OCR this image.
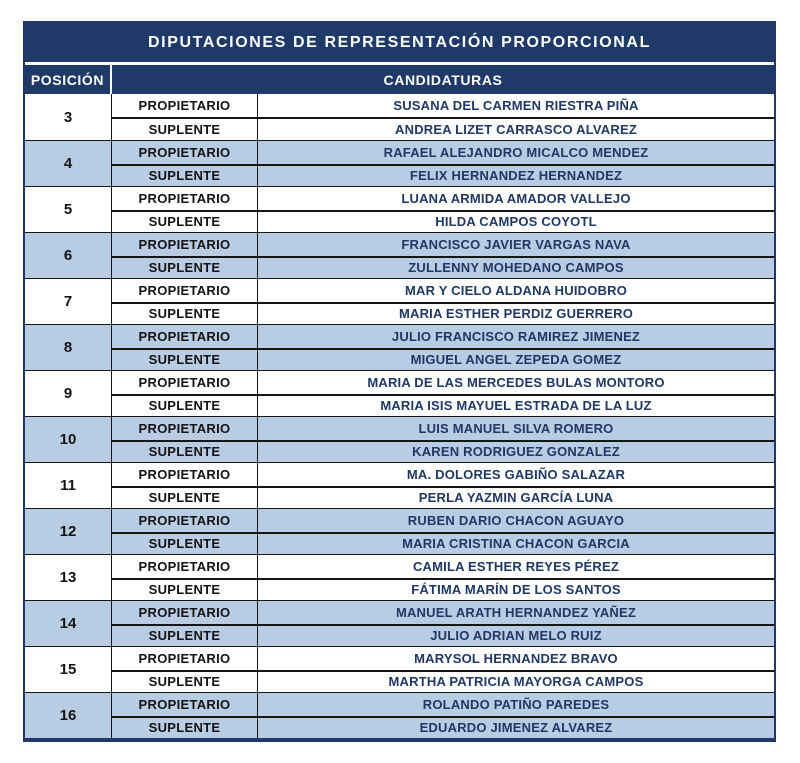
DIPUTACIONES DE REPRESENTACIÓN PROPORCIONAL
POSICIÓN	CANDIDATURAS
3
PROPIETARIO	SUSANA DEL CARMEN RIESTRA PIÑA
SUPLENTE	ANDREA LIZET CARRASCO ALVAREZ
4
PROPIETARIO	RAFAEL ALEJANDRO MICALCO MENDEZ
SUPLENTE	FELIX HERNANDEZ HERNANDEZ
5
PROPIETARIO	LUANA ARMIDA AMADOR VALLEJO
SUPLENTE	HILDA CAMPOS COYOTL
6
PROPIETARIO	FRANCISCO JAVIER VARGAS NAVA
SUPLENTE	ZULLENNY MOHEDANO CAMPOS
7
PROPIETARIO	MAR Y CIELO ALDANA HUIDOBRO
SUPLENTE	MARIA ESTHER PERDIZ GUERRERO
8
PROPIETARIO	JULIO FRANCISCO RAMIREZ JIMENEZ
SUPLENTE	MIGUEL ANGEL ZEPEDA GOMEZ
9
PROPIETARIO	MARIA DE LAS MERCEDES BULAS MONTORO
SUPLENTE	MARIA ISIS MAYUEL ESTRADA DE LA LUZ
10
PROPIETARIO	LUIS MANUEL SILVA ROMERO
SUPLENTE	KAREN RODRIGUEZ GONZALEZ
11
PROPIETARIO	MA. DOLORES GABIÑO SALAZAR
SUPLENTE	PERLA YAZMIN GARCÍA LUNA
12
PROPIETARIO	RUBEN DARIO CHACON AGUAYO
SUPLENTE	MARIA CRISTINA CHACON GARCIA
13
PROPIETARIO	CAMILA ESTHER REYES PÉREZ
SUPLENTE	FÁTIMA MARÍN DE LOS SANTOS
14
PROPIETARIO	MANUEL ARATH HERNANDEZ YAÑEZ
SUPLENTE	JULIO ADRIAN MELO RUIZ
15
PROPIETARIO	MARYSOL HERNANDEZ BRAVO
SUPLENTE	MARTHA PATRICIA MAYORGA CAMPOS
16
PROPIETARIO	ROLANDO PATIÑO PAREDES
SUPLENTE	EDUARDO JIMENEZ ALVAREZ
